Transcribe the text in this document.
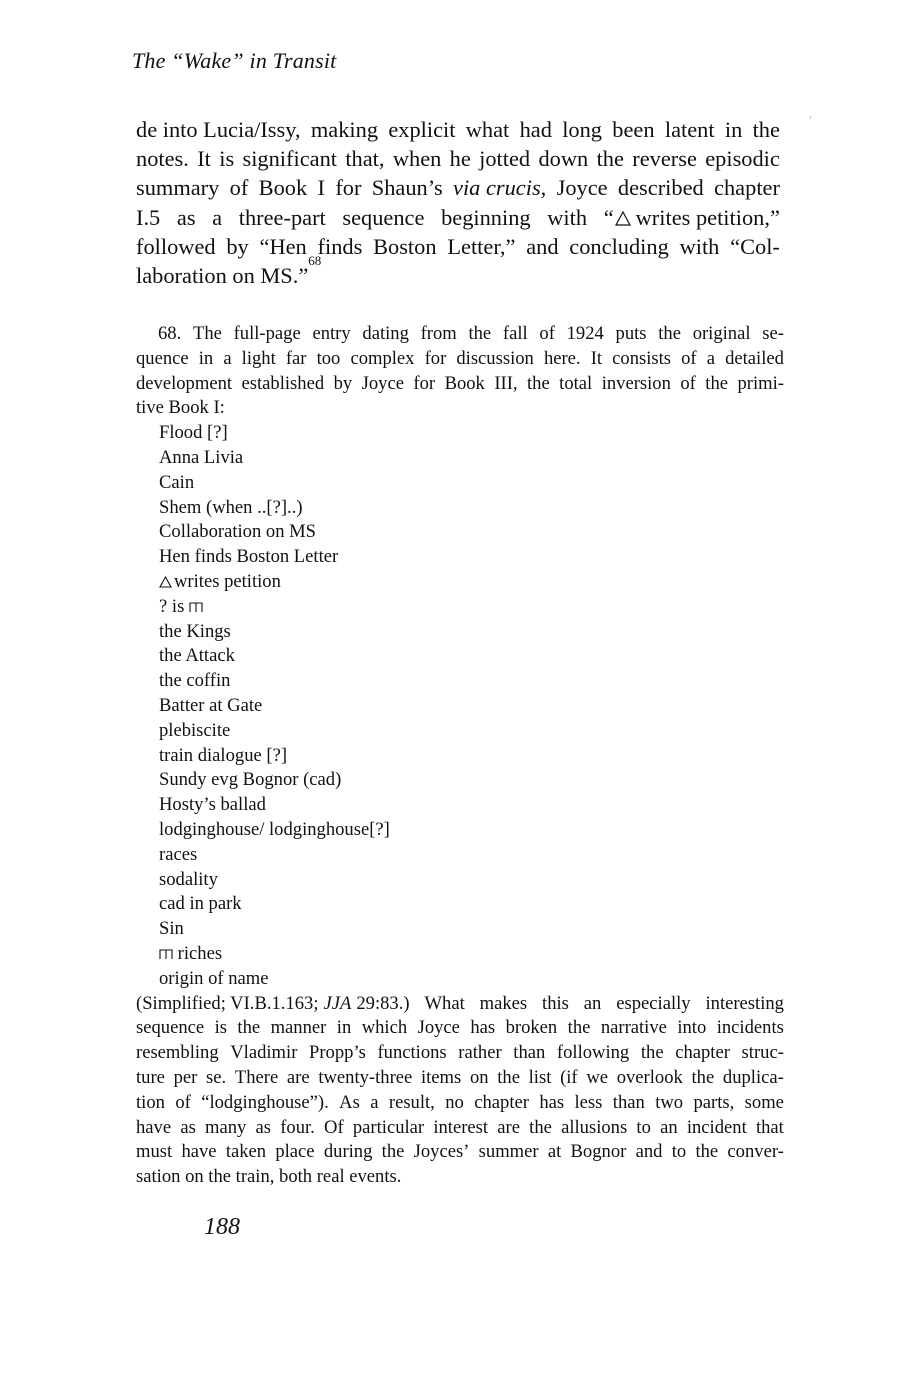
The “Wake” in Transit
de into Lucia/Issy, making explicit what had long been latent in the
notes. It is significant that, when he jotted down the reverse episodic
summary of Book I for Shaun’s via crucis, Joyce described chapter
I.5 as a three-part sequence beginning with “ writes petition,”
followed by “Hen finds Boston Letter,” and concluding with “Col-
laboration on MS.”
68
68. The full-page entry dating from the fall of 1924 puts the original se-
quence in a light far too complex for discussion here. It consists of a detailed
development established by Joyce for Book III, the total inversion of the primi-
tive Book I:
Flood [?]
Anna Livia
Cain
Shem (when ..[?]..)
Collaboration on MS
Hen finds Boston Letter
writes petition
? is
the Kings
the Attack
the coffin
Batter at Gate
plebiscite
train dialogue [?]
Sundy evg Bognor (cad)
Hosty’s ballad
lodginghouse/ lodginghouse[?]
races
sodality
cad in park
Sin
riches
origin of name
(Simplified; VI.B.1.163; JJA 29:83.) What makes this an especially interesting
sequence is the manner in which Joyce has broken the narrative into incidents
resembling Vladimir Propp’s functions rather than following the chapter struc-
ture per se. There are twenty-three items on the list (if we overlook the duplica-
tion of “lodginghouse”). As a result, no chapter has less than two parts, some
have as many as four. Of particular interest are the allusions to an incident that
must have taken place during the Joyces’ summer at Bognor and to the conver-
sation on the train, both real events.
188
